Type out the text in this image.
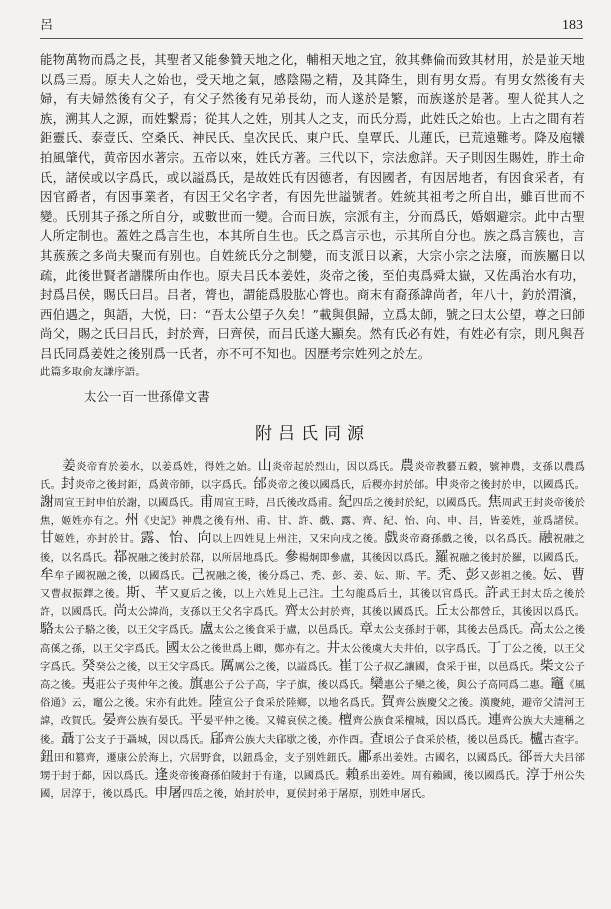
呂	183
能物萬物而爲之長，其聖者又能參贊天地之化，輔相天地之宜，敘其彝倫而致其材用，於是並天地以爲三焉。原夫人之始也，受天地之氣，感陰陽之精，及其降生，則有男女焉。有男女然後有夫婦，有夫婦然後有父子，有父子然後有兄弟長幼，而人遂於是繁，而族遂於是著。聖人從其人之族，溯其人之源，而姓繫焉；從其人之姓，別其人之支，而氏分焉，此姓氏之始也。上古之間有若鉅靈氏、泰壹氏、空桑氏、神民氏、皇次民氏、東户氏、皇覃氏、儿蓮氏，已荒遠難考。降及庖犧拍風肇代，黄帝因水著宗。五帝以來，姓氏方著。三代以下，宗法愈詳。天子則因生賜姓，胙土命氏，諸侯或以字爲氏，或以謚爲氏，是故姓氏有因德者，有因國者，有因居地者，有因食采者，有因官爵者，有因事業者，有因王父名字者，有因先世謚號者。姓統其祖考之所自出，雖百世而不變。氏別其子孫之所自分，或數世而一變。合而日族，宗派有主，分而爲氏，婚姻避宗。此中古聖人所定制也。蓋姓之爲言生也，本其所自生也。氏之爲言示也，示其所自分也。族之爲言簇也，言其蔟蔟之多尚夫聚而有别也。自姓統氏分之制變，而支派日以紊，大宗小宗之法廢，而族屬日以疏，此後世賢者譜牒所由作也。原夫吕氏本姜姓，炎帝之後，至伯夷爲舜太嶽，又佐禹治水有功，封爲吕侯，賜氏曰吕。吕者，膂也，謂能爲股肱心膂也。商末有裔孫諱尚者，年八十，釣於渭濱，西伯遇之，與語，大悦，曰：“吾太公望子久矣！”載與俱歸，立爲太師，號之曰太公望，尊之曰師尚父，賜之氏曰吕氏，封於齊，曰齊侯，而吕氏遂大顯矣。然有氏必有姓，有姓必有宗，則凡與吾吕氏同爲姜姓之後别爲一氏者，亦不可不知也。因歷考宗姓列之於左。
此篇多取俞友謙序語。
太公一百一世孫偉文書
附吕氏同源
姜炎帝育於姜水，以姜爲姓，得姓之始。山炎帝起於烈山，因以爲氏。農炎帝教藝五穀，號神農，支孫以農爲氏。封炎帝之後封鉅，爲黄帝師，以字爲氏。邰炎帝之後以國爲氏，后稷亦封於邰。申炎帝之後封於申，以國爲氏。謝周宣王封申伯於謝，以國爲氏。甫周宣王時，吕氏後改爲甫。紀四岳之後封於紀，以國爲氏。焦周武王封炎帝後於焦，姬姓亦有之。州《史記》神農之後有州、甫、甘、許、戲、露、齊、紀、怡、向、申、吕，皆姜姓，並爲諸侯。甘姬姓，亦封於甘。露、怡、向以上四姓見上州注，又宋向戌之後。戲炎帝裔孫戲之後，以名爲氏。融祝融之後，以名爲氏。鄀祝融之後封於鄀，以所居地爲氏。參楊炯即參盧，其後因以爲氏。羅祝融之後封於羅，以國爲氏。牟牟子國祝融之後，以國爲氏。己祝融之後，後分爲己、禿、彭、姜、妘、斯、芊。禿、彭又彭祖之後。妘、曹又曹叔振鐸之後。斯、芊又夏后之後，以上六姓見上己注。土勾龍爲后土，其後以官爲氏。許武王封太岳之後於許，以國爲氏。尚太公諱尚，支孫以王父名字爲氏。齊太公封於齊，其後以國爲氏。丘太公都營丘，其後因以爲氏。駱太公子駱之後，以王父字爲氏。盧太公之後食采于盧，以邑爲氏。章太公支孫封于鄣，其後去邑爲氏。高太公之後高傒之孫，以王父字爲氏。國太公之後世爲上卿，鄭亦有之。井太公後虞大夫井伯，以字爲氏。丁丁公之後，以王父字爲氏。癸癸公之後，以王父字爲氏。厲厲公之後，以謚爲氏。崔丁公子叔乙讓國，食采于崔，以邑爲氏。柴文公子高之後。夷莊公子夷仲年之後。旗惠公子公子高，字子旗，後以爲氏。欒惠公子欒之後，與公子高同爲二惠。竈《風俗通》云，竈公之後。宋亦有此姓。陸宣公子食采於陸鄉，以地名爲氏。賀齊公族慶父之後。漢慶純，避帝父清河王諱，改賀氏。晏齊公族有晏氏。平晏平仲之後。又韓哀侯之後。檀齊公族食采檀城，因以爲氏。連齊公族大夫連稱之後。聶丁公支子于聶城，因以爲氏。郈齊公族大夫郈歇之後，亦作酉。查頃公子食采於楂，後以邑爲氏。櫨古查字。鈕田和篡齊，遷康公於海上，穴居野食，以鈕爲金，支子别姓鈕氏。鄘系出姜姓。古國名，以國爲氏。郤晉大夫吕郤甥于封于鄐，因以爲氏。逢炎帝後裔孫伯陵封于有逢，以國爲氏。賴系出姜姓。周有賴國，後以國爲氏。淳于州公失國，居淳于，後以爲氏。申屠四岳之後，始封於申，夏侯封弟于屠原，別姓申屠氏。
